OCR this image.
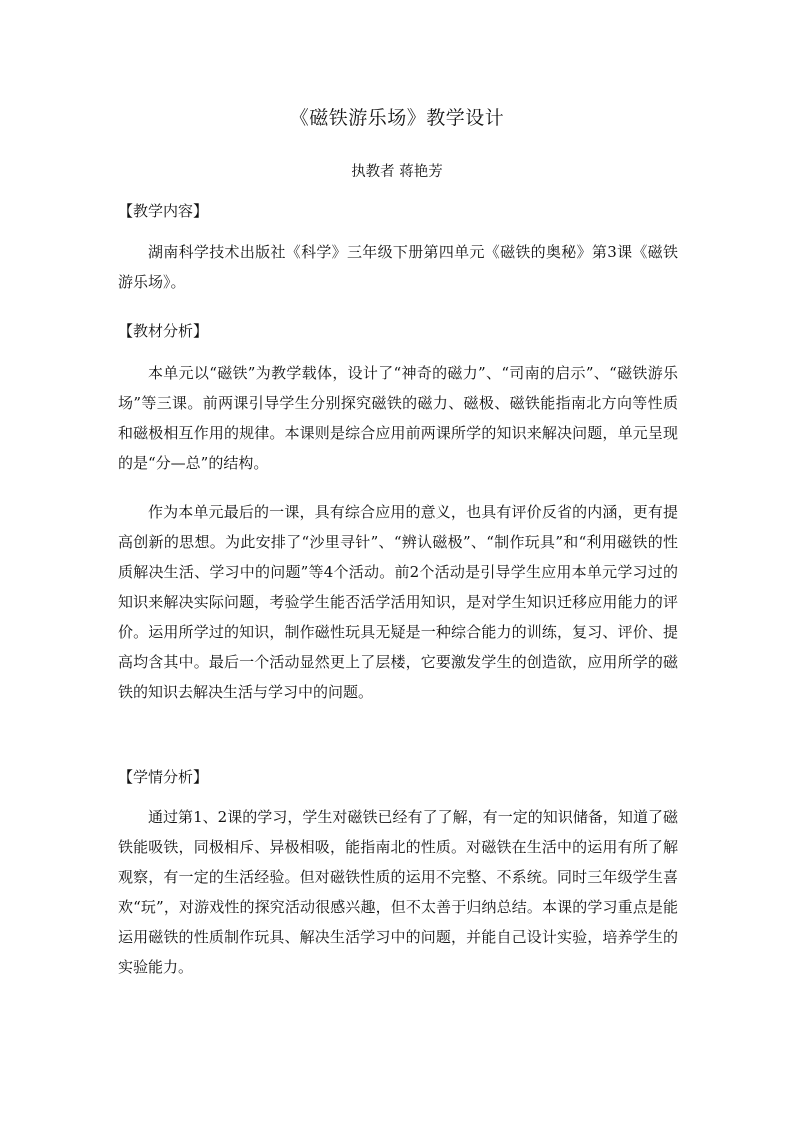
《磁铁游乐场》教学设计
执教者 蒋艳芳
【教学内容】
湖南科学技术出版社《科学》三年级下册第四单元《磁铁的奥秘》第3课《磁铁游乐场》。
【教材分析】
本单元以“磁铁”为教学载体，设计了“神奇的磁力”、“司南的启示”、“磁铁游乐场”等三课。前两课引导学生分别探究磁铁的磁力、磁极、磁铁能指南北方向等性质和磁极相互作用的规律。本课则是综合应用前两课所学的知识来解决问题，单元呈现的是“分—总”的结构。
作为本单元最后的一课，具有综合应用的意义，也具有评价反省的内涵，更有提高创新的思想。为此安排了“沙里寻针”、“辨认磁极”、“制作玩具”和“利用磁铁的性质解决生活、学习中的问题”等4个活动。前2个活动是引导学生应用本单元学习过的知识来解决实际问题，考验学生能否活学活用知识，是对学生知识迁移应用能力的评价。运用所学过的知识，制作磁性玩具无疑是一种综合能力的训练，复习、评价、提高均含其中。最后一个活动显然更上了层楼，它要激发学生的创造欲，应用所学的磁铁的知识去解决生活与学习中的问题。
【学情分析】
通过第1、2课的学习，学生对磁铁已经有了了解，有一定的知识储备，知道了磁铁能吸铁，同极相斥、异极相吸，能指南北的性质。对磁铁在生活中的运用有所了解观察，有一定的生活经验。但对磁铁性质的运用不完整、不系统。同时三年级学生喜欢“玩”，对游戏性的探究活动很感兴趣，但不太善于归纳总结。本课的学习重点是能运用磁铁的性质制作玩具、解决生活学习中的问题，并能自己设计实验，培养学生的实验能力。
